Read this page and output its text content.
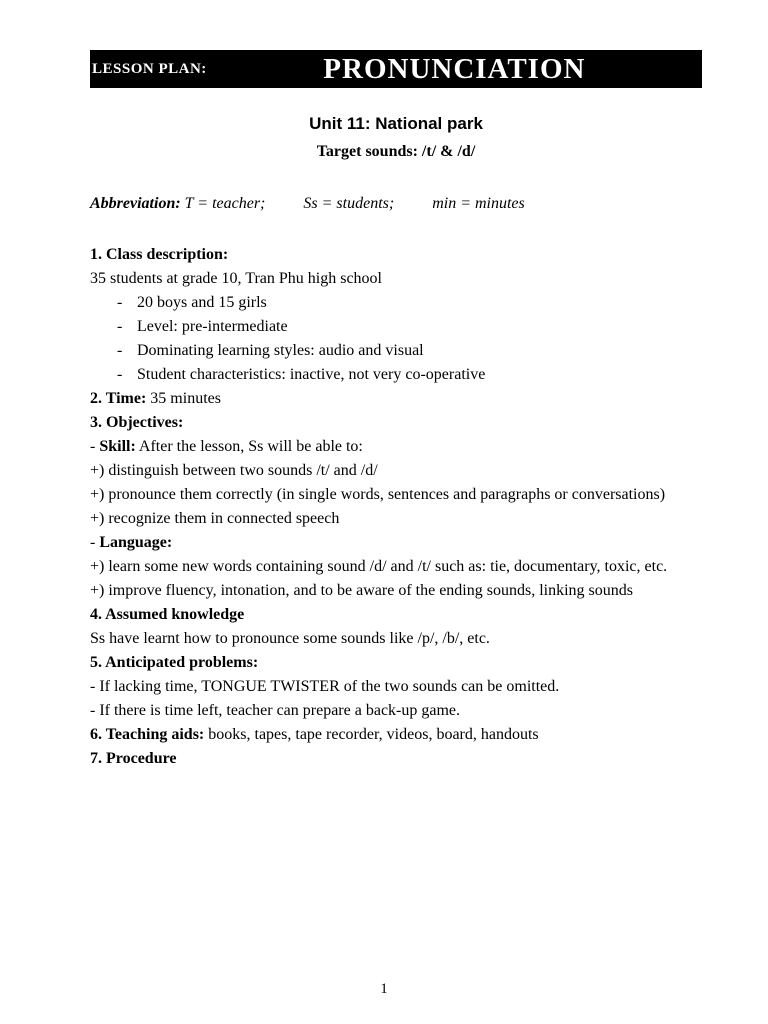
LESSON PLAN:	PRONUNCIATION
Unit 11: National park
Target sounds: /t/ & /d/
Abbreviation: T = teacher; Ss = students; min = minutes

1. Class description:

35 students at grade 10, Tran Phu high school

- 20 boys and 15 girls

- Level: pre-intermediate

- Dominating learning styles: audio and visual

- Student characteristics: inactive, not very co-operative

2. Time: 35 minutes

3. Objectives:

- Skill: After the lesson, Ss will be able to:

+) distinguish between two sounds /t/ and /d/

+) pronounce them correctly (in single words, sentences and paragraphs or conversations)

+) recognize them in connected speech

- Language:

+) learn some new words containing sound /d/ and /t/ such as: tie, documentary, toxic, etc.

+) improve fluency, intonation, and to be aware of the ending sounds, linking sounds

4. Assumed knowledge

Ss have learnt how to pronounce some sounds like /p/, /b/, etc.

5. Anticipated problems:

- If lacking time, TONGUE TWISTER of the two sounds can be omitted.

- If there is time left, teacher can prepare a back-up game.

6. Teaching aids: books, tapes, tape recorder, videos, board, handouts

7. Procedure

1
